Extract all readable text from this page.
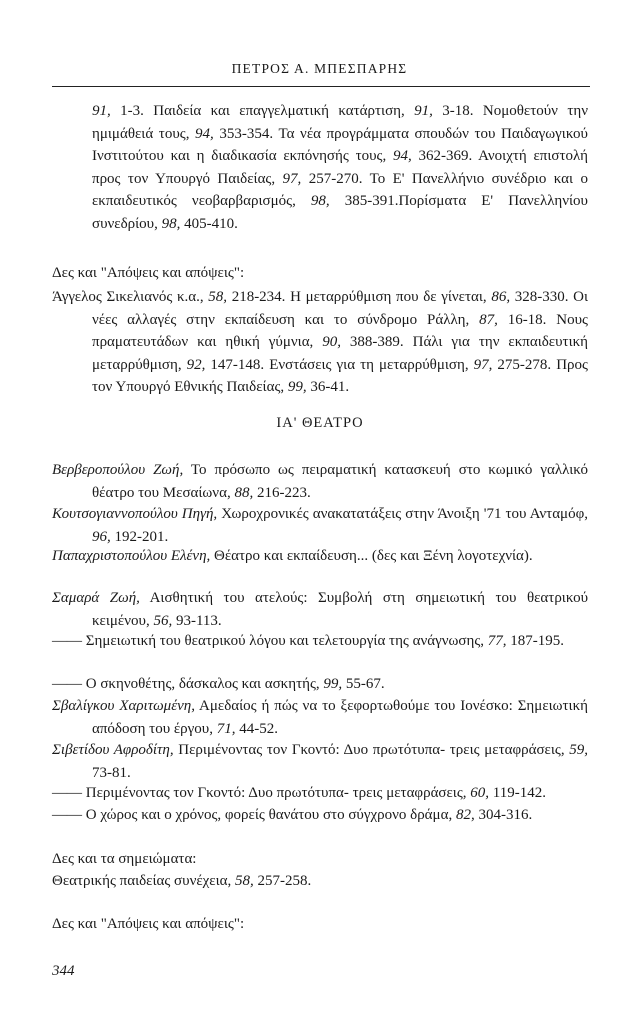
ΠΕΤΡΟΣ Α. ΜΠΕΣΠΑΡΗΣ

91, 1-3. Παιδεία και επαγγελματική κατάρτιση, 91, 3-18. Νομοθετούν την ημιμάθειά τους, 94, 353-354. Τα νέα προγράμματα σπουδών του Παιδαγωγικού Ινστιτούτου και η διαδικασία εκπόνησής τους, 94, 362-369. Ανοιχτή επιστολή προς τον Υπουργό Παιδείας, 97, 257-270. Το Ε' Πανελλήνιο συνέδριο και ο εκπαιδευτικός νεοβαρβαρισμός, 98, 385-391.Πορίσματα Ε' Πανελληνίου συνεδρίου, 98, 405-410.

Δες και "Απόψεις και απόψεις":

Άγγελος Σικελιανός κ.α., 58, 218-234. Η μεταρρύθμιση που δε γίνεται, 86, 328-330. Οι νέες αλλαγές στην εκπαίδευση και το σύνδρομο Ράλλη, 87, 16-18. Νους πραματευτάδων και ηθική γύμνια, 90, 388-389. Πάλι για την εκπαιδευτική μεταρρύθμιση, 92, 147-148. Ενστάσεις για τη μεταρρύθμιση, 97, 275-278. Προς τον Υπουργό Εθνικής Παιδείας, 99, 36-41.

ΙΑ' ΘΕΑΤΡΟ

Βερβεροπούλου Ζωή, Το πρόσωπο ως πειραματική κατασκευή στο κωμικό γαλλικό θέατρο του Μεσαίωνα, 88, 216-223.

Κουτσογιαννοπούλου Πηγή, Χωροχρονικές ανακατατάξεις στην Άνοιξη '71 του Ανταμόφ, 96, 192-201.

Παπαχριστοπούλου Ελένη, Θέατρο και εκπαίδευση... (δες και Ξένη λογοτεχνία).

Σαμαρά Ζωή, Αισθητική του ατελούς: Συμβολή στη σημειωτική του θεατρικού κειμένου, 56, 93-113.

—— Σημειωτική του θεατρικού λόγου και τελετουργία της ανάγνωσης, 77, 187-195.

—— Ο σκηνοθέτης, δάσκαλος και ασκητής, 99, 55-67.

Σβαλίγκου Χαριτωμένη, Αμεδαίος ή πώς να το ξεφορτωθούμε του Ιονέσκο: Σημειωτική απόδοση του έργου, 71, 44-52.

Σιβετίδου Αφροδίτη, Περιμένοντας τον Γκοντό: Δυο πρωτότυπα- τρεις μεταφράσεις, 59, 73-81.

—— Περιμένοντας τον Γκοντό: Δυο πρωτότυπα- τρεις μεταφράσεις, 60, 119-142.

—— Ο χώρος και ο χρόνος, φορείς θανάτου στο σύγχρονο δράμα, 82, 304-316.

Δες και τα σημειώματα:
Θεατρικής παιδείας συνέχεια, 58, 257-258.
Δες και "Απόψεις και απόψεις":
344
